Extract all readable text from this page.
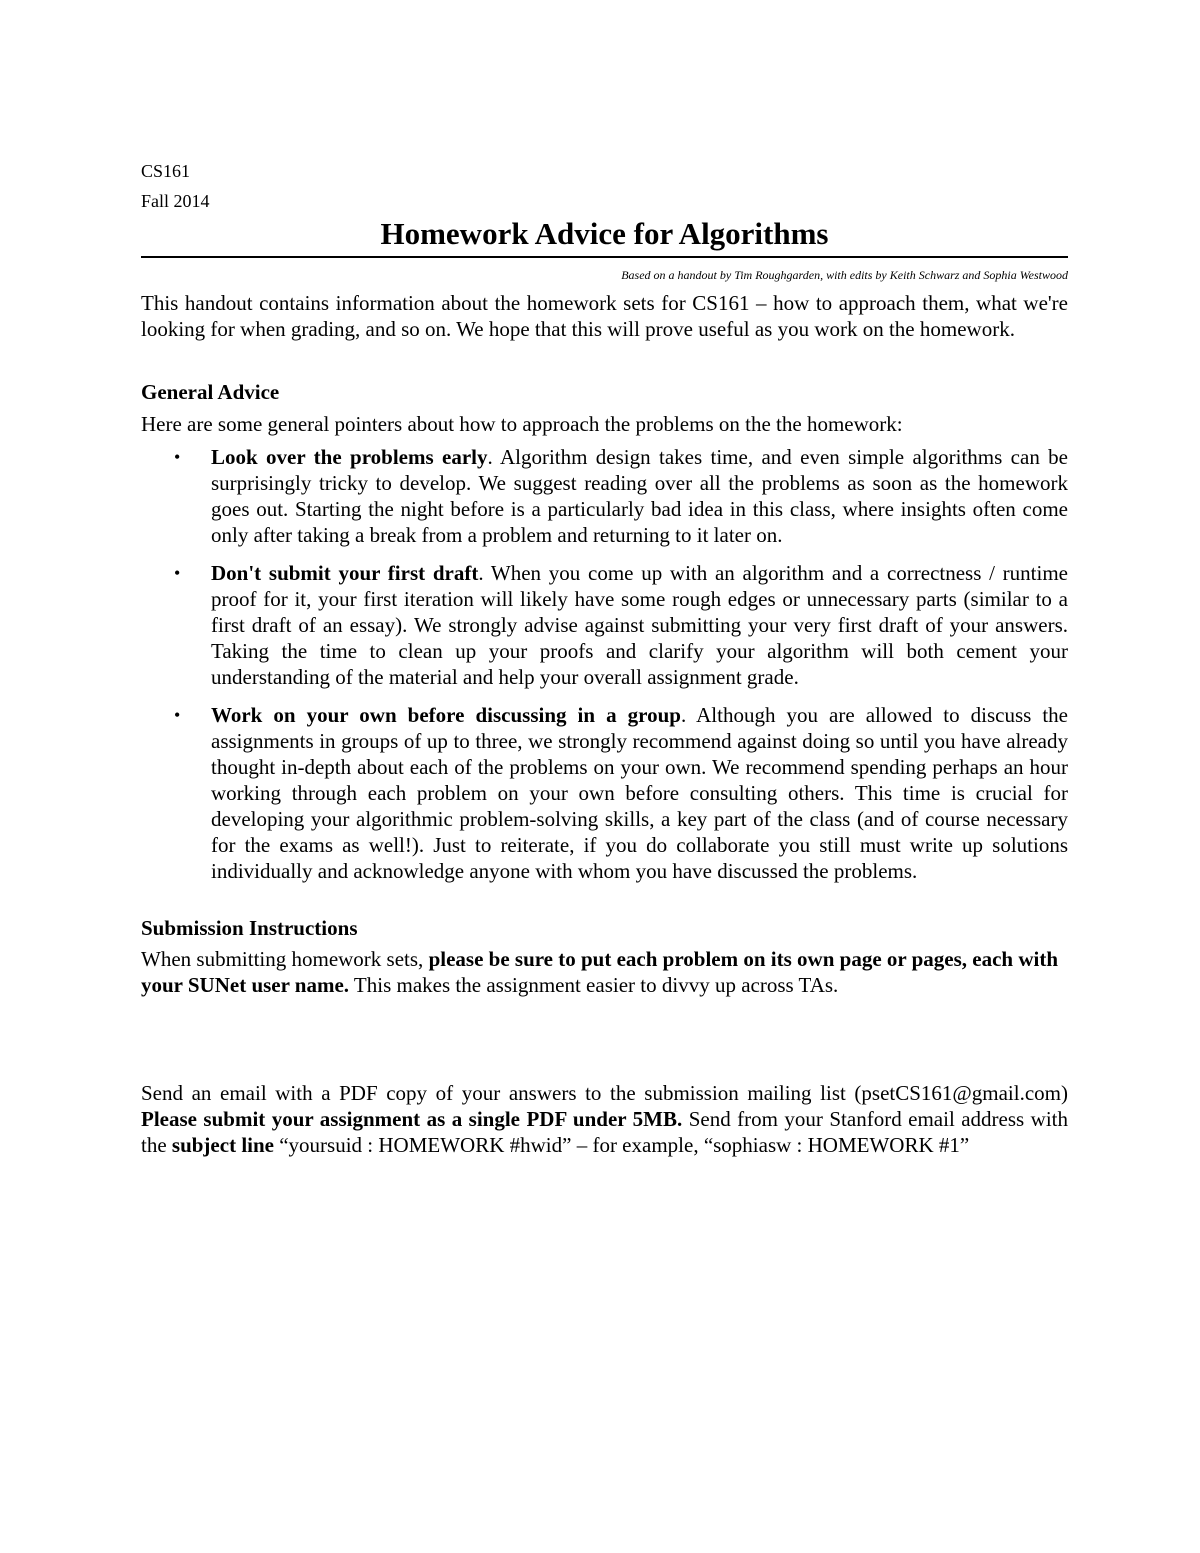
CS161
Fall 2014
Homework Advice for Algorithms
Based on a handout by Tim Roughgarden, with edits by Keith Schwarz and Sophia Westwood

This handout contains information about the homework sets for CS161 – how to approach them, what we're looking for when grading, and so on. We hope that this will prove useful as you work on the homework.

General Advice
Here are some general pointers about how to approach the problems on the the homework:
• Look over the problems early. Algorithm design takes time, and even simple algorithms can be surprisingly tricky to develop. We suggest reading over all the problems as soon as the homework goes out. Starting the night before is a particularly bad idea in this class, where insights often come only after taking a break from a problem and returning to it later on.
• Don't submit your first draft. When you come up with an algorithm and a correctness / runtime proof for it, your first iteration will likely have some rough edges or unnecessary parts (similar to a first draft of an essay). We strongly advise against submitting your very first draft of your answers. Taking the time to clean up your proofs and clarify your algorithm will both cement your understanding of the material and help your overall assignment grade.
• Work on your own before discussing in a group. Although you are allowed to discuss the assignments in groups of up to three, we strongly recommend against doing so until you have already thought in-depth about each of the problems on your own. We recommend spending perhaps an hour working through each problem on your own before consulting others. This time is crucial for developing your algorithmic problem-solving skills, a key part of the class (and of course necessary for the exams as well!). Just to reiterate, if you do collaborate you still must write up solutions individually and acknowledge anyone with whom you have discussed the problems.
Submission Instructions
When submitting homework sets, please be sure to put each problem on its own page or pages, each with your SUNet user name. This makes the assignment easier to divvy up across TAs.
Send an email with a PDF copy of your answers to the submission mailing list (psetCS161@gmail.com) Please submit your assignment as a single PDF under 5MB. Send from your Stanford email address with the subject line “yoursuid : HOMEWORK #hwid” – for example, “sophiasw : HOMEWORK #1”
